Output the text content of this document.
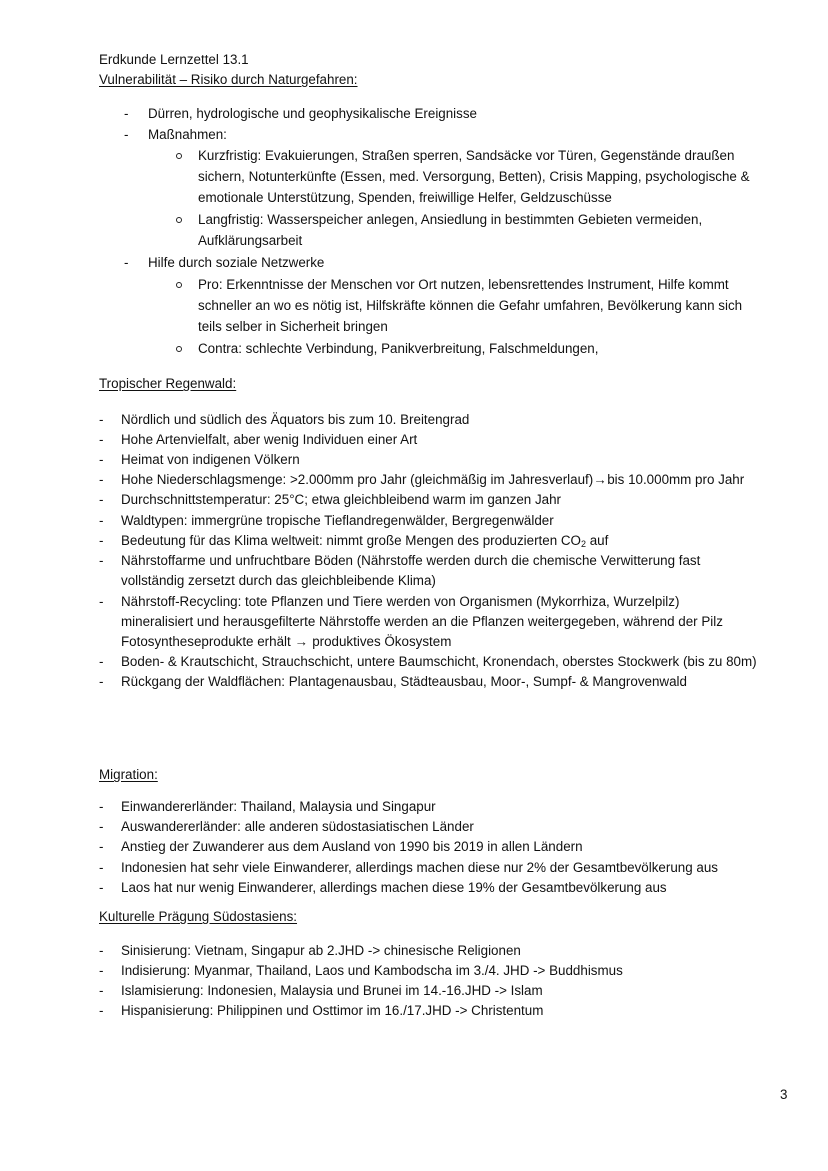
Erdkunde Lernzettel 13.1
Vulnerabilität – Risiko durch Naturgefahren:
- Dürren, hydrologische und geophysikalische Ereignisse
- Maßnahmen:
Kurzfristig: Evakuierungen, Straßen sperren, Sandsäcke vor Türen, Gegenstände draußen
sichern, Notunterkünfte (Essen, med. Versorgung, Betten), Crisis Mapping, psychologische &
emotionale Unterstützung, Spenden, freiwillige Helfer, Geldzuschüsse
Langfristig: Wasserspeicher anlegen, Ansiedlung in bestimmten Gebieten vermeiden,
Aufklärungsarbeit
- Hilfe durch soziale Netzwerke
Pro: Erkenntnisse der Menschen vor Ort nutzen, lebensrettendes Instrument, Hilfe kommt
schneller an wo es nötig ist, Hilfskräfte können die Gefahr umfahren, Bevölkerung kann sich
teils selber in Sicherheit bringen
Contra: schlechte Verbindung, Panikverbreitung, Falschmeldungen,
Tropischer Regenwald:
- Nördlich und südlich des Äquators bis zum 10. Breitengrad
- Hohe Artenvielfalt, aber wenig Individuen einer Art
- Heimat von indigenen Völkern
- Hohe Niederschlagsmenge: >2.000mm pro Jahr (gleichmäßig im Jahresverlauf)→bis 10.000mm pro Jahr
- Durchschnittstemperatur: 25°C; etwa gleichbleibend warm im ganzen Jahr
- Waldtypen: immergrüne tropische Tieflandregenwälder, Bergregenwälder
- Bedeutung für das Klima weltweit: nimmt große Mengen des produzierten $CO_2$ auf
- Nährstoffarme und unfruchtbare Böden (Nährstoffe werden durch die chemische Verwitterung fast
vollständig zersetzt durch das gleichbleibende Klima)
- Nährstoff-Recycling: tote Pflanzen und Tiere werden von Organismen (Mykorrhiza, Wurzelpilz)
mineralisiert und herausgefilterte Nährstoffe werden an die Pflanzen weitergegeben, während der Pilz
Fotosyntheseprodukte erhält → produktives Ökosystem
- Boden- & Krautschicht, Strauchschicht, untere Baumschicht, Kronendach, oberstes Stockwerk (bis zu 80m)
- Rückgang der Waldflächen: Plantagenausbau, Städteausbau, Moor-, Sumpf- & Mangrovenwald
Migration:
- Einwandererländer: Thailand, Malaysia und Singapur
- Auswandererländer: alle anderen südostasiatischen Länder
- Anstieg der Zuwanderer aus dem Ausland von 1990 bis 2019 in allen Ländern
- Indonesien hat sehr viele Einwanderer, allerdings machen diese nur 2% der Gesamtbevölkerung aus
- Laos hat nur wenig Einwanderer, allerdings machen diese 19% der Gesamtbevölkerung aus
Kulturelle Prägung Südostasiens:
- Sinisierung: Vietnam, Singapur ab 2.JHD -> chinesische Religionen
- Indisierung: Myanmar, Thailand, Laos und Kambodscha im 3./4. JHD -> Buddhismus
- Islamisierung: Indonesien, Malaysia und Brunei im 14.-16.JHD -> Islam
- Hispanisierung: Philippinen und Osttimor im 16./17.JHD -> Christentum
3
